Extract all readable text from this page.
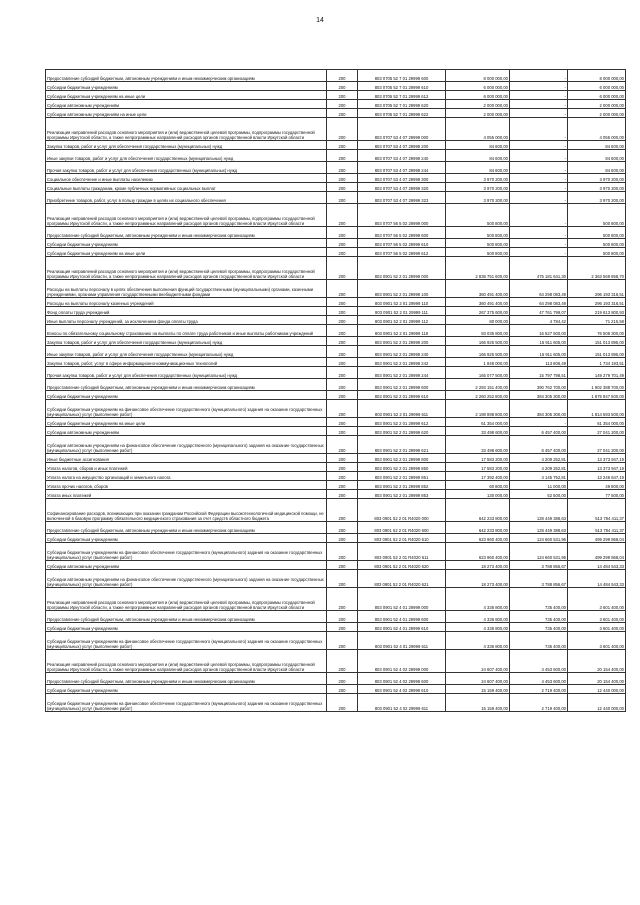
14
Предоставление субсидий бюджетным, автономным учреждениям и иным некоммерческим организациям	200	803 0705 52 7 01 29999 600	8 000 000,00	-	8 000 000,00
Субсидии бюджетным учреждениям	200	803 0705 52 7 01 29999 610	6 000 000,00	-	6 000 000,00
Субсидии бюджетным учреждениям на иные цели	200	803 0705 52 7 01 29999 612	6 000 000,00	-	6 000 000,00
Субсидии автономным учреждениям	200	803 0705 52 7 01 29999 620	2 000 000,00	-	2 000 000,00
Субсидии автономным учреждениям на иные цели	200	803 0705 52 7 01 29999 622	2 000 000,00	-	2 000 000,00
Реализация направлений расходов основного мероприятия и (или) ведомственной целевой программы, подпрограммы государственной программы Иркутской области, а также непрограммных направлений расходов органов государственной власти Иркутской области	200	803 0707 53 4 07 29999 000	4 055 000,00	-	4 055 000,00
Закупка товаров, работ и услуг для обеспечения государственных (муниципальных) нужд	200	803 0707 53 4 07 29999 200	84 600,00	-	84 600,00
Иные закупки товаров, работ и услуг для обеспечения государственных (муниципальных) нужд	200	803 0707 53 4 07 29999 240	84 600,00	-	84 600,00
Прочая закупка товаров, работ и услуг для обеспечения государственных (муниципальных) нужд	200	803 0707 53 4 07 29999 244	84 600,00	-	84 600,00
Социальное обеспечение и иные выплаты населению	200	803 0707 53 4 07 29999 300	3 970 200,00	-	3 970 200,00
Социальные выплаты гражданам, кроме публичных нормативных социальных выплат	200	803 0707 53 4 07 29999 320	3 970 200,00	-	3 970 200,00
Приобретение товаров, работ, услуг в пользу граждан в целях их социального обеспечения	200	803 0707 53 4 07 29999 323	3 970 200,00	-	3 970 200,00
Реализация направлений расходов основного мероприятия и (или) ведомственной целевой программы, подпрограммы государственной программы Иркутской области, а также непрограммных направлений расходов органов государственной власти Иркутской области	200	803 0707 56 5 02 29999 000	500 800,00	-	500 800,00
Предоставление субсидий бюджетным, автономным учреждениям и иным некоммерческим организациям	200	803 0707 56 5 02 29999 600	500 800,00	-	500 800,00
Субсидии бюджетным учреждениям	200	803 0707 56 5 02 29999 610	500 800,00	-	500 800,00
Субсидии бюджетным учреждениям на иные цели	200	803 0707 56 5 02 29999 612	500 800,00	-	500 800,00
Реализация направлений расходов основного мероприятия и (или) ведомственной целевой программы, подпрограммы государственной программы Иркутской области, а также непрограммных направлений расходов органов государственной власти Иркутской области	200	803 0901 52 2 01 29999 000	2 838 751 600,00	475 181 641,30	2 363 569 958,70
Расходы на выплаты персоналу в целях обеспечения выполнения функций государственными (муниципальными) органами, казенными учреждениями, органами управления государственными внебюджетными фондами	200	803 0901 52 2 01 29999 100	360 491 400,00	64 298 083,49	296 193 316,51
Расходы на выплаты персоналу казенных учреждений	200	803 0901 52 2 01 29999 110	360 491 400,00	64 298 083,49	296 193 316,51
Фонд оплаты труда учреждений	200	803 0901 52 2 01 29999 111	267 375 600,00	47 761 799,07	219 613 800,93
Иные выплаты персоналу учреждений, за исключением фонда оплаты труда	200	803 0901 52 2 01 29999 112	80 000,00	4 784,42	71 215,58
Взносы по обязательному социальному страхованию на выплаты по оплате труда работников и иные выплаты работникам учреждений	200	803 0901 52 2 01 29999 119	93 035 800,00	16 527 500,00	76 508 300,00
Закупка товаров, работ и услуг для обеспечения государственных (муниципальных) нужд	200	803 0901 52 2 01 29999 200	166 925 500,00	15 911 605,00	151 013 895,00
Иные закупки товаров, работ и услуг для обеспечения государственных (муниципальных) нужд	200	803 0901 52 2 01 29999 240	166 925 500,00	15 911 605,00	151 013 895,00
Закупка товаров, работ, услуг в сфере информационно-коммуникационных технологий	200	803 0901 52 2 01 29999 242	1 848 000,00	113 806,49	1 734 193,51
Прочая закупка товаров, работ и услуг для обеспечения государственных (муниципальных) нужд	200	803 0901 52 2 01 29999 244	165 077 500,00	15 797 798,51	149 279 701,49
Предоставление субсидий бюджетным, автономным учреждениям и иным некоммерческим организациям	200	803 0901 52 2 01 29999 600	2 293 151 400,00	390 762 700,00	1 902 388 700,00
Субсидии бюджетным учреждениям	200	803 0901 52 2 01 29999 610	2 260 252 800,00	384 305 300,00	1 875 947 500,00
Субсидии бюджетным учреждениям на финансовое обеспечение государственного (муниципального) задания на оказание государственных (муниципальных) услуг (выполнение работ)	200	803 0901 52 2 01 29999 611	2 198 898 800,00	384 305 300,00	1 814 593 500,00
Субсидии бюджетным учреждениям на иные цели	200	803 0901 52 2 01 29999 612	61 354 000,00	-	61 354 000,00
Субсидии автономным учреждениям	200	803 0901 52 2 01 29999 620	33 498 600,00	6 457 400,00	27 041 200,00
Субсидии автономным учреждениям на финансовое обеспечение государственного (муниципального) задания на оказание государственных (муниципальных) услуг (выполнение работ)	200	803 0901 52 2 01 29999 621	33 498 600,00	6 457 400,00	27 041 200,00
Иные бюджетные ассигнования	200	803 0901 52 2 01 29999 800	17 583 200,00	4 209 252,81	13 373 947,19
Уплата налогов, сборов и иных платежей	200	803 0901 52 2 01 29999 850	17 583 200,00	4 209 252,81	13 373 947,19
Уплата налога на имущество организаций и земельного налога	200	803 0901 52 2 01 29999 851	17 392 400,00	4 145 752,81	13 246 647,19
Уплата прочих налогов, сборов	200	803 0901 52 2 01 29999 852	60 800,00	11 000,00	49 800,00
Уплата иных платежей	200	803 0901 52 2 01 29999 853	130 000,00	52 500,00	77 500,00
Софинансирование расходов, возникающих при оказании гражданам Российской Федерации высокотехнологичной медицинской помощи, не включенной в базовую программу обязательного медицинского страхования за счет средств областного бюджета	200	803 0901 52 2 01 R4020 000	642 233 800,00	128 449 388,63	513 784 411,37
Предоставление субсидий бюджетным, автономным учреждениям и иным некоммерческим организациям	200	803 0901 52 2 01 R4020 600	642 233 800,00	128 449 388,63	513 784 411,37
Субсидии бюджетным учреждениям	200	803 0901 52 2 01 R4020 610	623 960 400,00	124 660 531,96	499 299 868,04
Субсидии бюджетным учреждениям на финансовое обеспечение государственного (муниципального) задания на оказание государственных (муниципальных) услуг (выполнение работ)	200	803 0901 52 2 01 R4020 611	623 960 400,00	124 660 531,96	499 299 868,04
Субсидии автономным учреждениям	200	803 0901 52 2 01 R4020 620	18 273 400,00	3 788 856,67	14 484 543,33
Субсидии автономным учреждениям на финансовое обеспечение государственного (муниципального) задания на оказание государственных (муниципальных) услуг (выполнение работ)	200	803 0901 52 2 01 R4020 621	18 273 400,00	3 788 856,67	14 484 543,33
Реализация направлений расходов основного мероприятия и (или) ведомственной целевой программы, подпрограммы государственной программы Иркутской области, а также непрограммных направлений расходов органов государственной власти Иркутской области	200	803 0901 52 4 01 29999 000	4 336 800,00	735 400,00	3 601 400,00
Предоставление субсидий бюджетным, автономным учреждениям и иным некоммерческим организациям	200	803 0901 52 4 01 29999 600	4 336 800,00	735 400,00	3 601 400,00
Субсидии бюджетным учреждениям	200	803 0901 52 4 01 29999 610	4 336 800,00	735 400,00	3 601 400,00
Субсидии бюджетным учреждениям на финансовое обеспечение государственного (муниципального) задания на оказание государственных (муниципальных) услуг (выполнение работ)	200	803 0901 52 4 01 29999 611	4 336 800,00	735 400,00	3 601 400,00
Реализация направлений расходов основного мероприятия и (или) ведомственной целевой программы, подпрограммы государственной программы Иркутской области, а также непрограммных направлений расходов органов государственной власти Иркутской области	200	803 0901 52 4 02 29999 000	24 607 400,00	4 453 600,00	20 154 400,00
Предоставление субсидий бюджетным, автономным учреждениям и иным некоммерческим организациям	200	803 0901 52 4 02 29999 600	24 607 400,00	4 453 600,00	20 154 400,00
Субсидии бюджетным учреждениям	200	803 0901 52 4 02 29999 610	15 159 400,00	2 719 400,00	12 440 000,00
Субсидии бюджетным учреждениям на финансовое обеспечение государственного (муниципального) задания на оказание государственных (муниципальных) услуг (выполнение работ)	200	803 0901 52 4 02 29999 611	15 159 400,00	2 719 400,00	12 440 000,00
